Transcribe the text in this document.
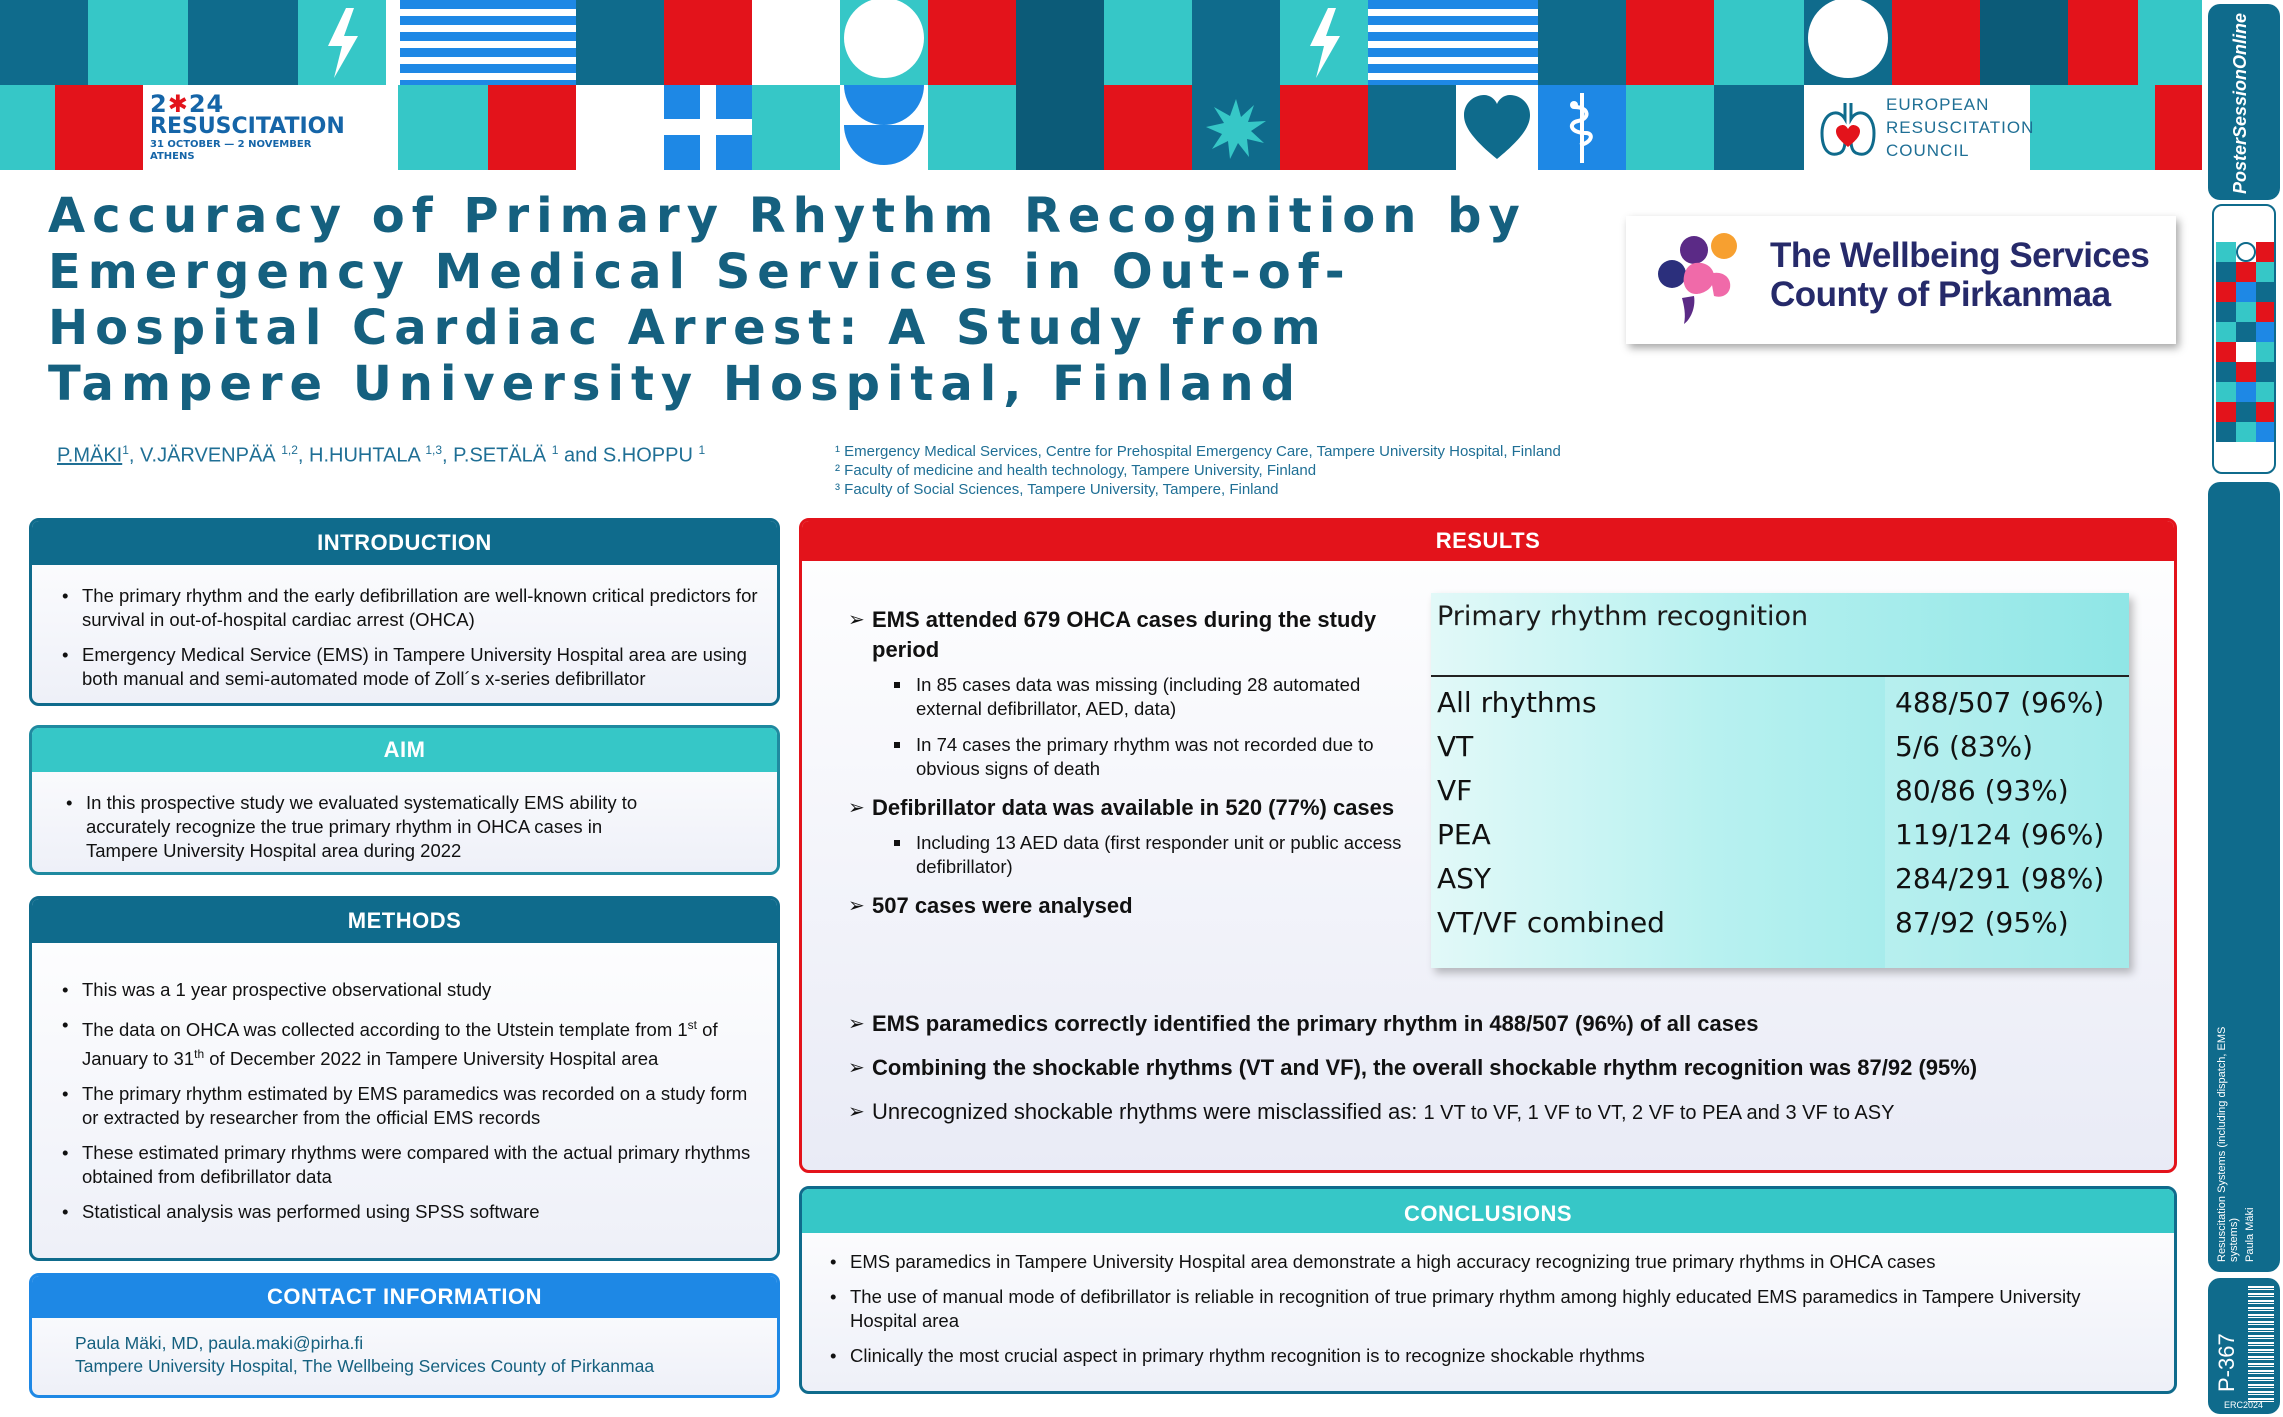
2✱24
RESUSCITATION
31 OCTOBER — 2 NOVEMBER
ATHENS
EUROPEAN
RESUSCITATION
COUNCIL	PosterSessionOnline
Resuscitation Systems (including dispatch, EMS systems) Paula Mäki
P-367
ERC2024
Accuracy of Primary Rhythm Recognition by Emergency Medical Services in Out-of-Hospital Cardiac Arrest: A Study from Tampere University Hospital, Finland
P.MÄKI$^1$, V.JÄRVENPÄÄ $^{1,2}$, H.HUHTALA $^{1,3}$, P.SETÄLÄ $^1$ and S.HOPPU $^1$	¹ Emergency Medical Services, Centre for Prehospital Emergency Care, Tampere University Hospital, Finland
² Faculty of medicine and health technology, Tampere University, Finland
³ Faculty of Social Sciences, Tampere University, Tampere, Finland
The Wellbeing Services
County of Pirkanmaa
INTRODUCTION
• The primary rhythm and the early defibrillation are well-known critical predictors for survival in out-of-hospital cardiac arrest (OHCA)
• Emergency Medical Service (EMS) in Tampere University Hospital area are using both manual and semi-automated mode of Zoll´s x-series defibrillator
AIM
• In this prospective study we evaluated systematically EMS ability to accurately recognize the true primary rhythm in OHCA cases in Tampere University Hospital area during 2022
METHODS
• This was a 1 year prospective observational study
• The data on OHCA was collected according to the Utstein template from 1st of January to 31th of December 2022 in Tampere University Hospital area
• The primary rhythm estimated by EMS paramedics was recorded on a study form or extracted by researcher from the official EMS records
• These estimated primary rhythms were compared with the actual primary rhythms obtained from defibrillator data
• Statistical analysis was performed using SPSS software
CONTACT INFORMATION
Paula Mäki, MD, paula.maki@pirha.fi
Tampere University Hospital, The Wellbeing Services County of Pirkanmaa
RESULTS
➢ EMS attended 679 OHCA cases during the study period
In 85 cases data was missing (including 28 automated external defibrillator, AED, data)
In 74 cases the primary rhythm was not recorded due to obvious signs of death
➢ Defibrillator data was available in 520 (77%) cases
Including 13 AED data (first responder unit or public access defibrillator)
➢ 507 cases were analysed
Primary rhythm recognition
All rhythms	488/507 (96%)
VT	5/6 (83%)
VF	80/86 (93%)
PEA	119/124 (96%)
ASY	284/291 (98%)
VT/VF combined	87/92 (95%)
➢ EMS paramedics correctly identified the primary rhythm in 488/507 (96%) of all cases
➢ Combining the shockable rhythms (VT and VF), the overall shockable rhythm recognition was 87/92 (95%)
➢ Unrecognized shockable rhythms were misclassified as: 1 VT to VF, 1 VF to VT, 2 VF to PEA and 3 VF to ASY
CONCLUSIONS
• EMS paramedics in Tampere University Hospital area demonstrate a high accuracy recognizing true primary rhythms in OHCA cases
• The use of manual mode of defibrillator is reliable in recognition of true primary rhythm among highly educated EMS paramedics in Tampere University Hospital area
• Clinically the most crucial aspect in primary rhythm recognition is to recognize shockable rhythms
